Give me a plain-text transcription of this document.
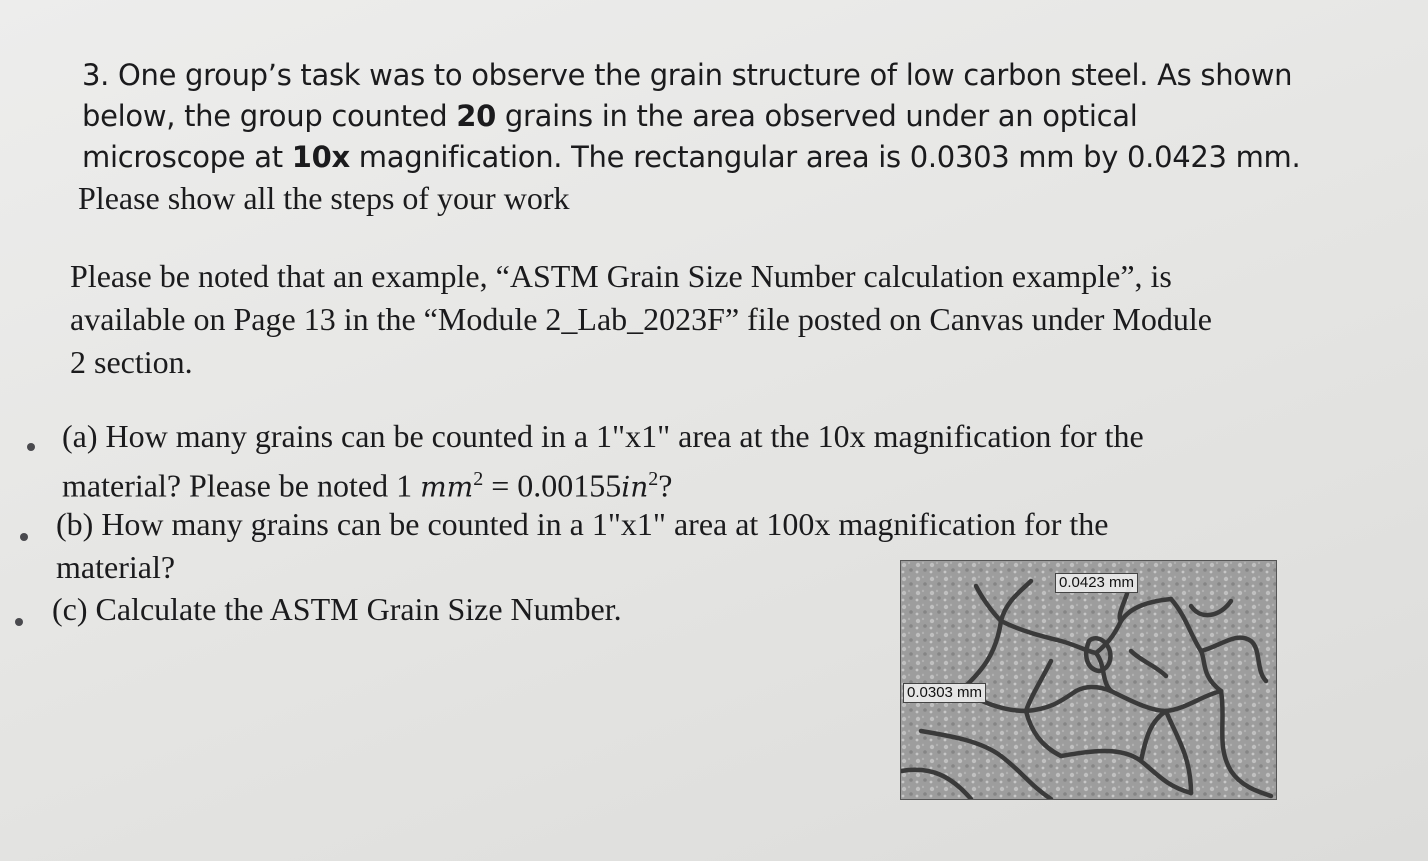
3. One group’s task was to observe the grain structure of low carbon steel. As shown
below, the group counted 20 grains in the area observed under an optical
microscope at 10x magnification. The rectangular area is 0.0303 mm by 0.0423 mm.
Please show all the steps of your work
Please be noted that an example, “ASTM Grain Size Number calculation example”, is
available on Page 13 in the “Module 2_Lab_2023F” file posted on Canvas under Module
2 section.
(a) How many grains can be counted in a 1"x1" area at the 10x magnification for the
material? Please be noted 1 $mm^2 = 0.00155in^2$?
(b) How many grains can be counted in a 1"x1" area at 100x magnification for the
material?
(c) Calculate the ASTM Grain Size Number.
0.0423 mm
0.0303 mm
